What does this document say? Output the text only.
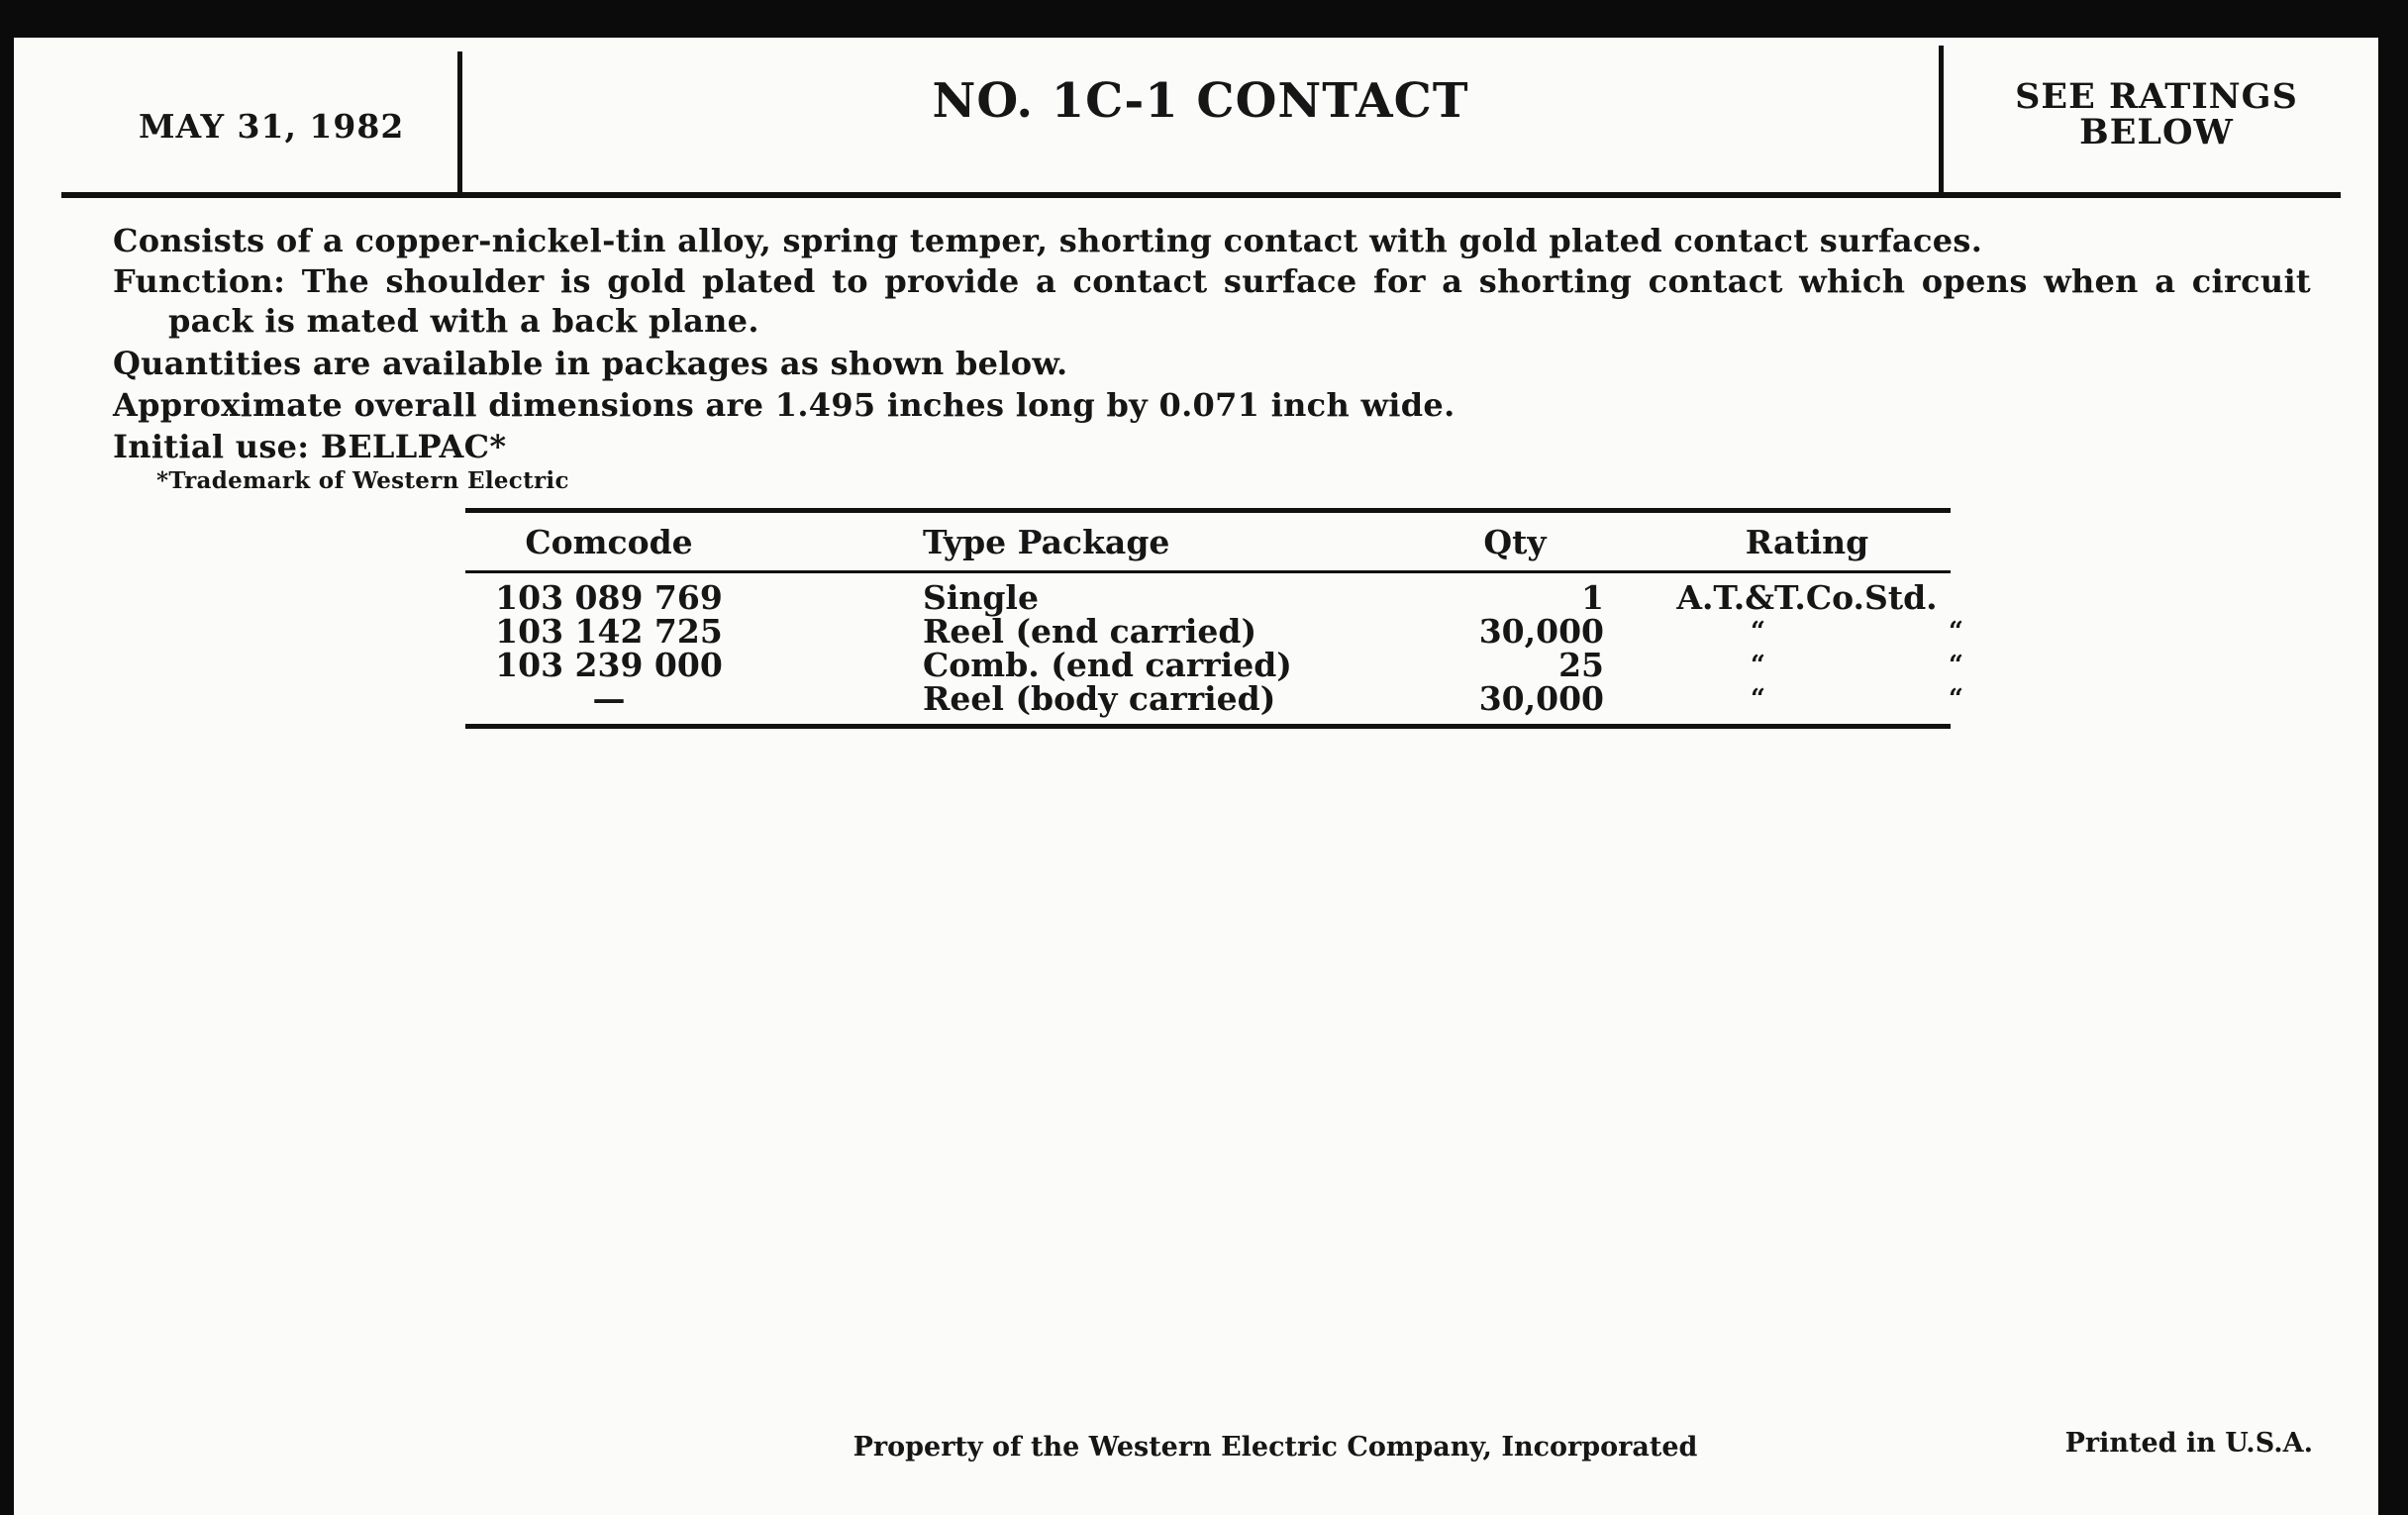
MAY 31, 1982	NO. 1C-1 CONTACT	SEE RATINGS
BELOW

Consists of a copper-nickel-tin alloy, spring temper, shorting contact with gold plated contact surfaces.

Function: The shoulder is gold plated to provide a contact surface for a shorting contact which opens when a circuit pack is mated with a back plane.

Quantities are available in packages as shown below.

Approximate overall dimensions are 1.495 inches long by 0.071 inch wide.

Initial use: BELLPAC*

*Trademark of Western Electric

Comcode	Type Package	Qty	Rating
103 089 769	Single	1	A.T.&T.Co.Std.
103 142 725	Reel (end carried)	30,000	“ “
103 239 000	Comb. (end carried)	25	“ “
—	Reel (body carried)	30,000	“ “
Property of the Western Electric Company, Incorporated	Printed in U.S.A.
